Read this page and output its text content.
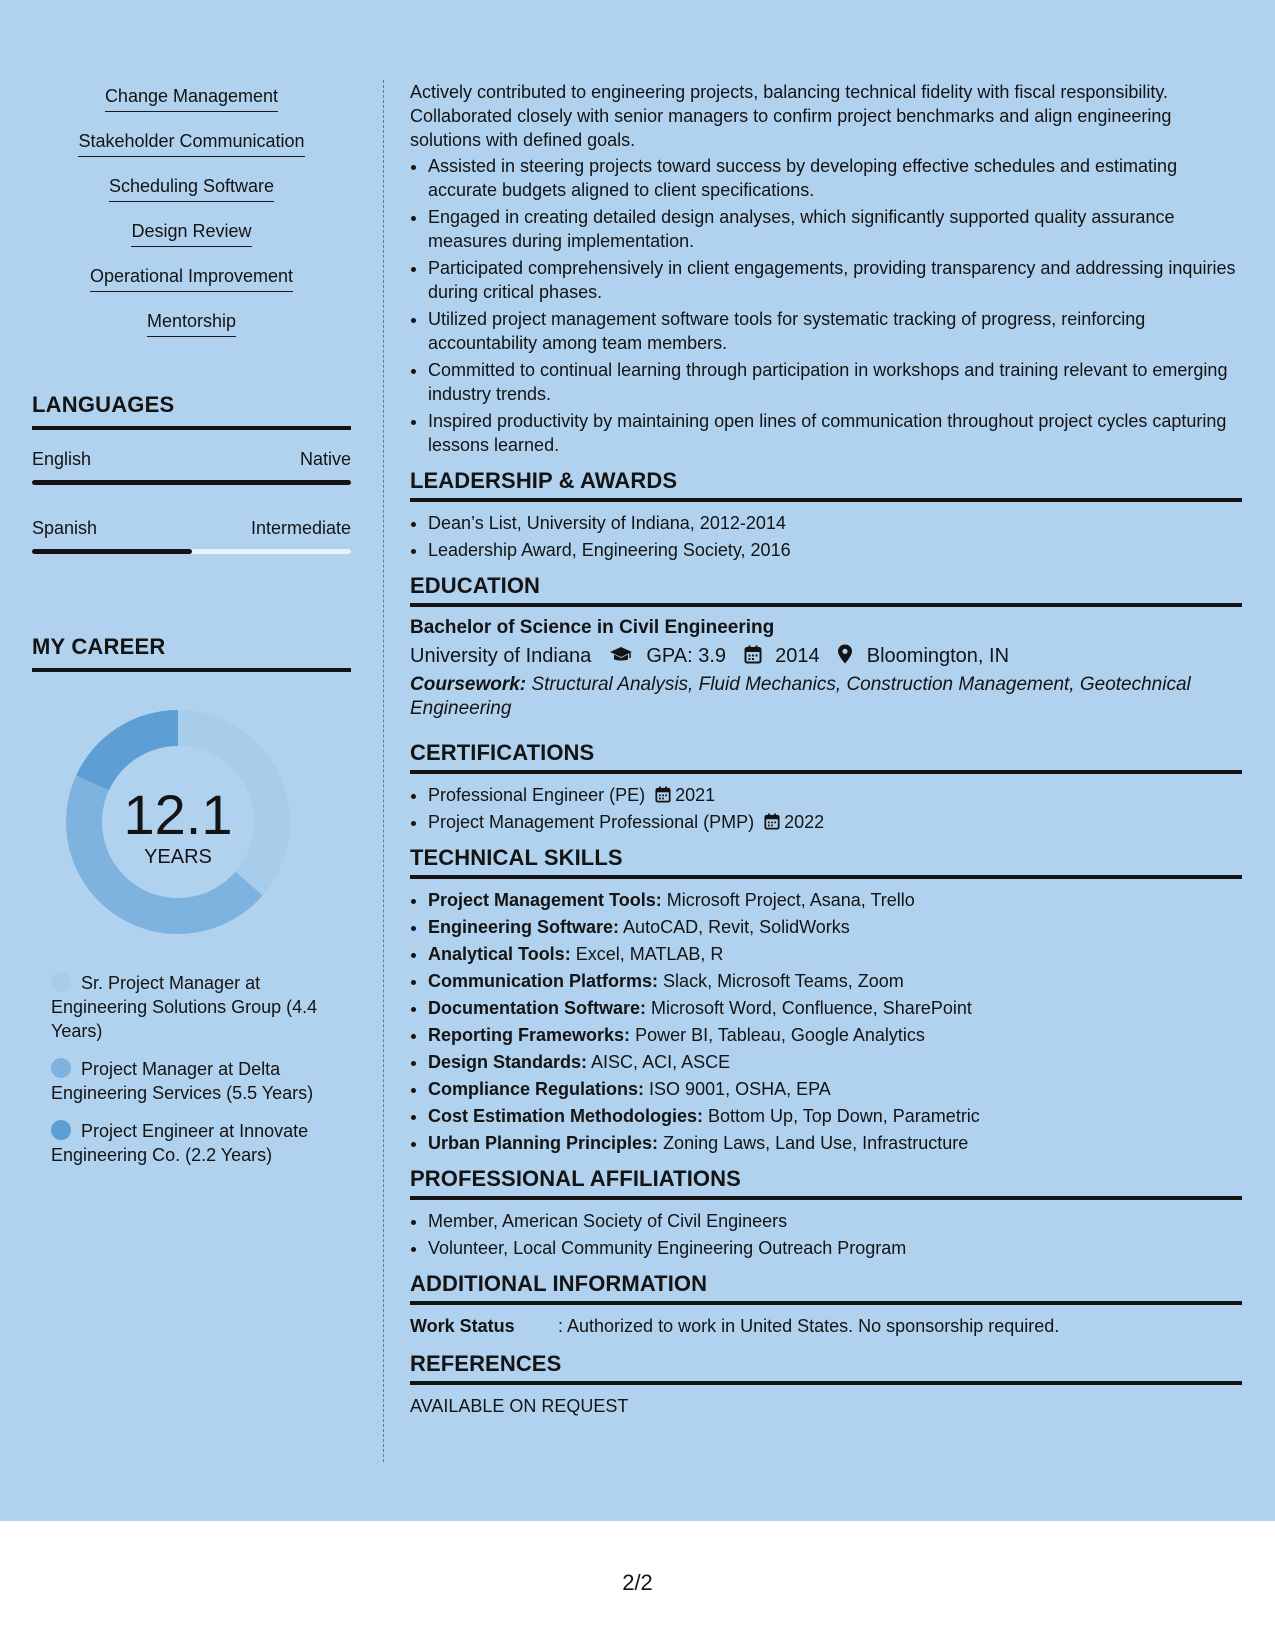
Change Management
Stakeholder Communication
Scheduling Software
Design Review
Operational Improvement
Mentorship
LANGUAGES
English	Native
Spanish	Intermediate
MY CAREER
12.1
YEARS
Sr. Project Manager at Engineering Solutions Group (4.4 Years)
Project Manager at Delta Engineering Services (5.5 Years)
Project Engineer at Innovate Engineering Co. (2.2 Years)

Actively contributed to engineering projects, balancing technical fidelity with fiscal responsibility. Collaborated closely with senior managers to confirm project benchmarks and align engineering solutions with defined goals.

• Assisted in steering projects toward success by developing effective schedules and estimating accurate budgets aligned to client specifications.
• Engaged in creating detailed design analyses, which significantly supported quality assurance measures during implementation.
• Participated comprehensively in client engagements, providing transparency and addressing inquiries during critical phases.
• Utilized project management software tools for systematic tracking of progress, reinforcing accountability among team members.
• Committed to continual learning through participation in workshops and training relevant to emerging industry trends.
• Inspired productivity by maintaining open lines of communication throughout project cycles capturing lessons learned.
LEADERSHIP & AWARDS
• Dean’s List, University of Indiana, 2012-2014
• Leadership Award, Engineering Society, 2016
EDUCATION
Bachelor of Science in Civil Engineering
University of Indiana	GPA: 3.9 2014 Bloomington, IN
Coursework: Structural Analysis, Fluid Mechanics, Construction Management, Geotechnical Engineering
CERTIFICATIONS
• Professional Engineer (PE) 2021
• Project Management Professional (PMP) 2022
TECHNICAL SKILLS
• Project Management Tools: Microsoft Project, Asana, Trello
• Engineering Software: AutoCAD, Revit, SolidWorks
• Analytical Tools: Excel, MATLAB, R
• Communication Platforms: Slack, Microsoft Teams, Zoom
• Documentation Software: Microsoft Word, Confluence, SharePoint
• Reporting Frameworks: Power BI, Tableau, Google Analytics
• Design Standards: AISC, ACI, ASCE
• Compliance Regulations: ISO 9001, OSHA, EPA
• Cost Estimation Methodologies: Bottom Up, Top Down, Parametric
• Urban Planning Principles: Zoning Laws, Land Use, Infrastructure
PROFESSIONAL AFFILIATIONS
• Member, American Society of Civil Engineers
• Volunteer, Local Community Engineering Outreach Program
ADDITIONAL INFORMATION
Work Status	: Authorized to work in United States. No sponsorship required.
REFERENCES
AVAILABLE ON REQUEST
2/2
